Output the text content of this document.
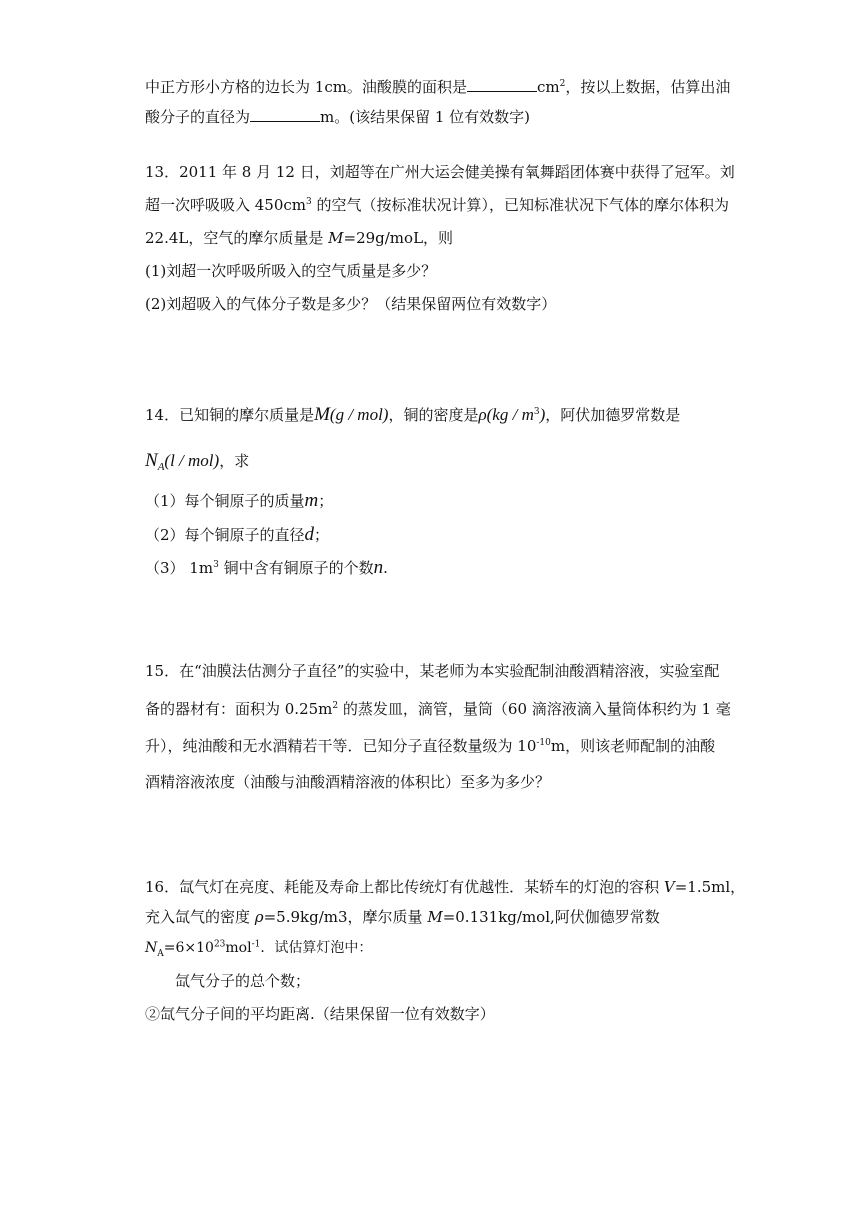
中正方形小方格的边长为 1cm。油酸膜的面积是	$cm^2$，按以上数据，估算出油
酸分子的直径为	m。(该结果保留 1 位有效数字)
13．2011 年 8 月 12 日，刘超等在广州大运会健美操有氧舞蹈团体赛中获得了冠军。刘
超一次呼吸吸入 $450cm^3$ 的空气（按标准状况计算），已知标准状况下气体的摩尔体积为
22.4L，空气的摩尔质量是 M=29g/moL，则
(1)刘超一次呼吸所吸入的空气质量是多少？
(2)刘超吸入的气体分子数是多少？（结果保留两位有效数字）
14．已知铜的摩尔质量是M(g / mol)，铜的密度是$\rho(kg / m^3)$，阿伏加德罗常数是
$N_A(l / mol)$，求
（1）每个铜原子的质量m；
（2）每个铜原子的直径d；
（3） $1m^3$ 铜中含有铜原子的个数n.
15．在“油膜法估测分子直径”的实验中，某老师为本实验配制油酸酒精溶液，实验室配
备的器材有：面积为 $0.25m^2$ 的蒸发皿，滴管，量筒（60 滴溶液滴入量筒体积约为 1 毫
升），纯油酸和无水酒精若干等．已知分子直径数量级为 $10^{-10}m$，则该老师配制的油酸
酒精溶液浓度（油酸与油酸酒精溶液的体积比）至多为多少？
16．氙气灯在亮度、耗能及寿命上都比传统灯有优越性．某轿车的灯泡的容积 V=1.5ml，
充入氙气的密度 ρ=5.9kg/m3，摩尔质量 M=0.131kg/mol,阿伏伽德罗常数
$N_A=6\times 10^{23}mol^{-1}$．试估算灯泡中：
氙气分子的总个数；
②氙气分子间的平均距离.（结果保留一位有效数字）
